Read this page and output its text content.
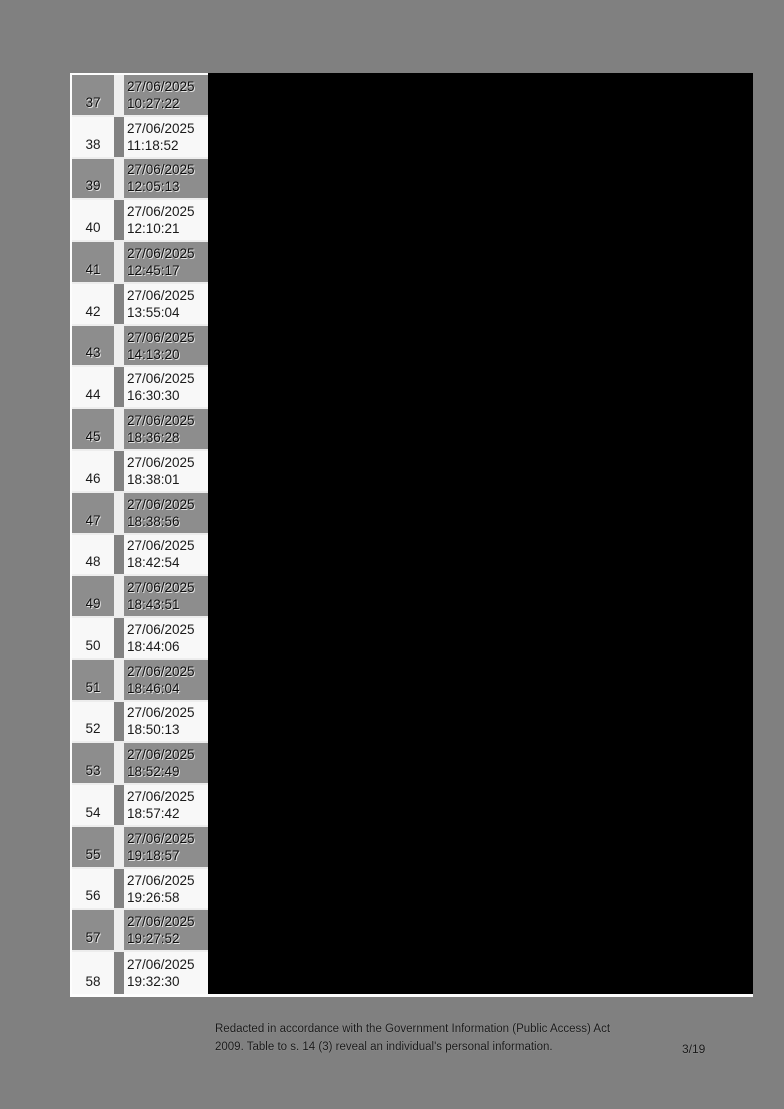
37
27/06/2025
10:27:22
38
27/06/2025
11:18:52
39
27/06/2025
12:05:13
40
27/06/2025
12:10:21
41
27/06/2025
12:45:17
42
27/06/2025
13:55:04
43
27/06/2025
14:13:20
44
27/06/2025
16:30:30
45
27/06/2025
18:36:28
46
27/06/2025
18:38:01
47
27/06/2025
18:38:56
48
27/06/2025
18:42:54
49
27/06/2025
18:43:51
50
27/06/2025
18:44:06
51
27/06/2025
18:46:04
52
27/06/2025
18:50:13
53
27/06/2025
18:52:49
54
27/06/2025
18:57:42
55
27/06/2025
19:18:57
56
27/06/2025
19:26:58
57
27/06/2025
19:27:52
58
27/06/2025
19:32:30
Redacted in accordance with the Government Information (Public Access) Act
2009. Table to s. 14 (3) reveal an individual's personal information.	3/19
